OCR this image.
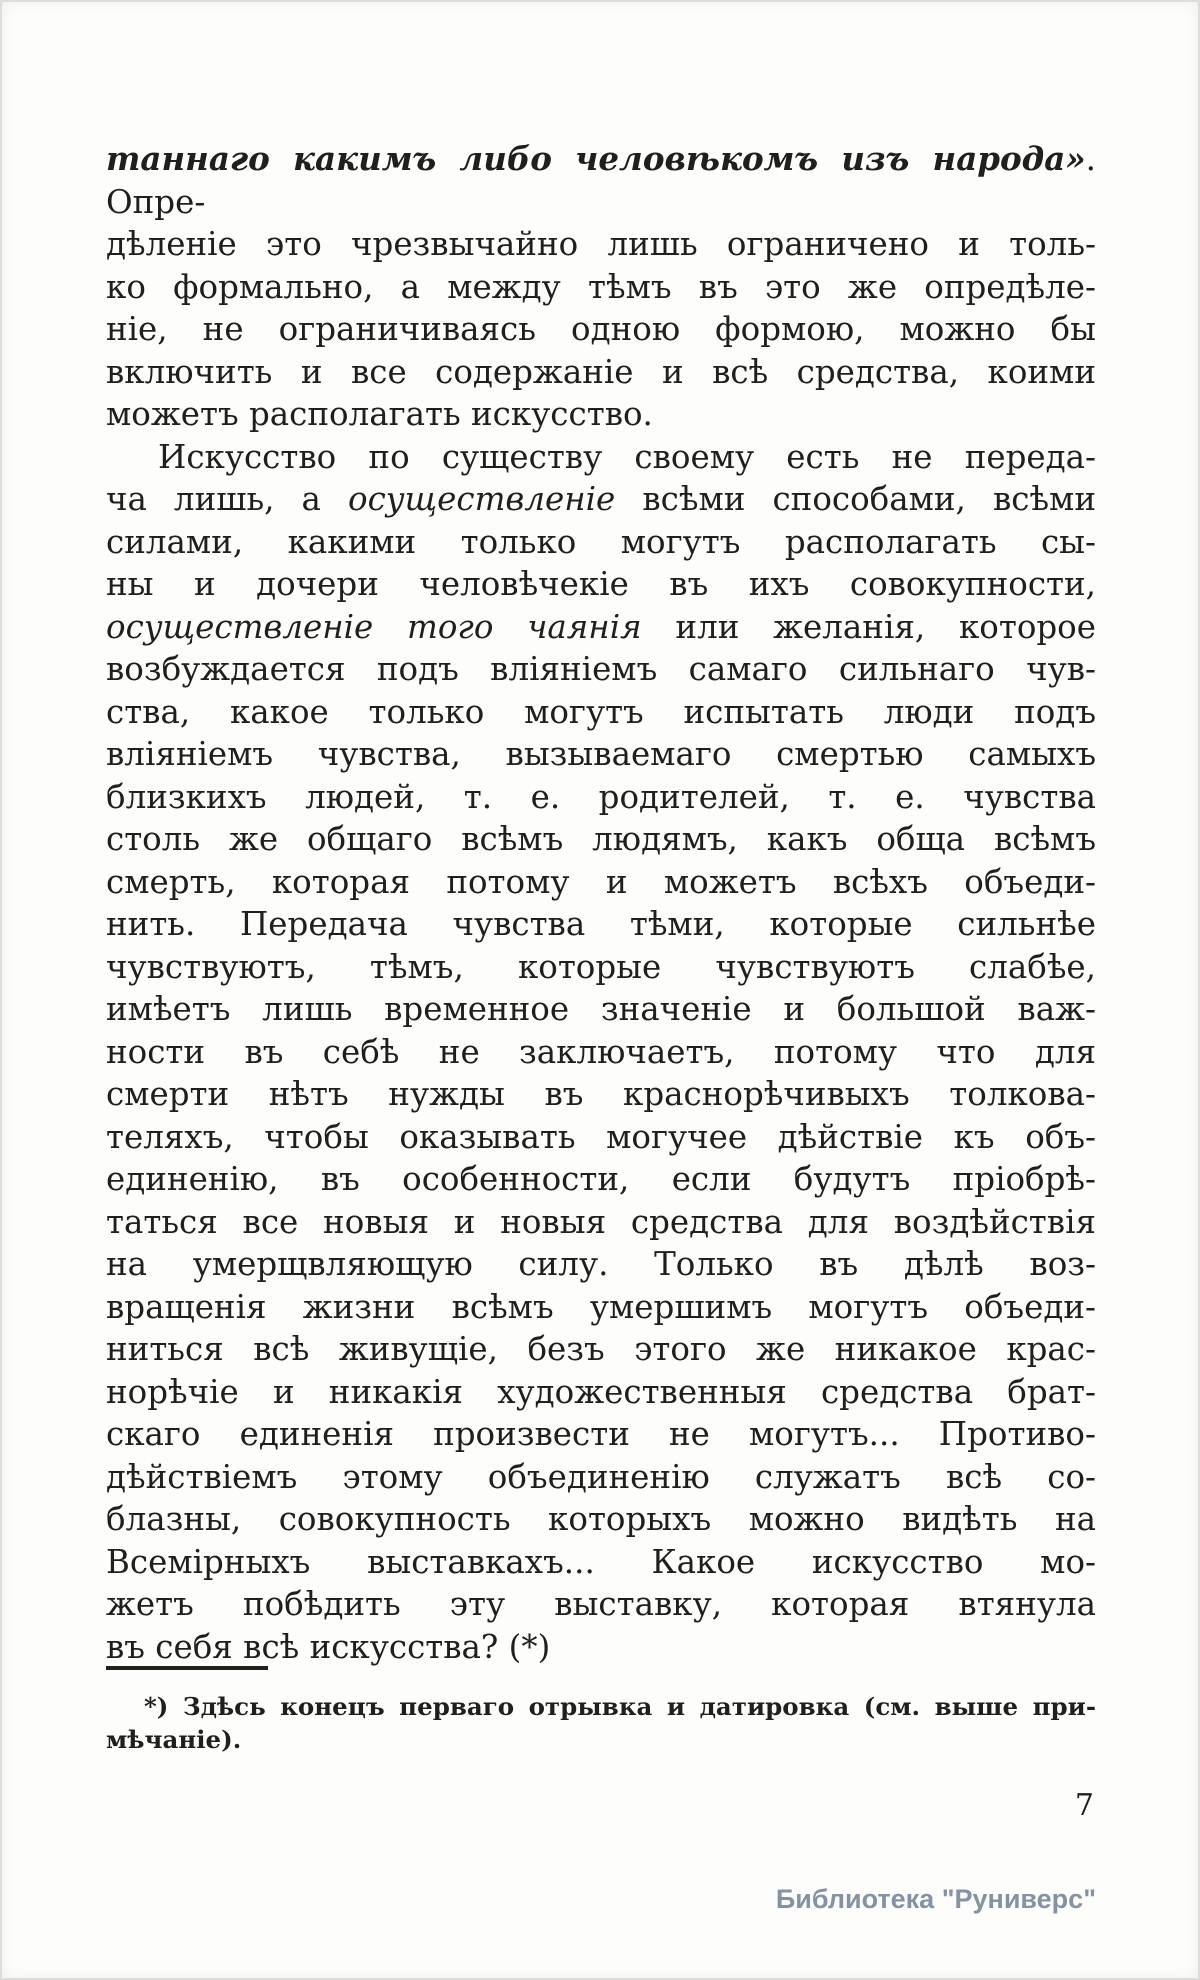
таннаго какимъ либо человѣкомъ изъ народа». Опре-
дѣленіе это чрезвычайно лишь ограничено и толь-
ко формально, а между тѣмъ въ это же опредѣле-
ніе, не ограничиваясь одною формою, можно бы
включить и все содержаніе и всѣ средства, коими
можетъ располагать искусство.
Искусство по существу своему есть не переда-
ча лишь, а осуществленіе всѣми способами, всѣми
силами, какими только могутъ располагать сы-
ны и дочери человѣчекіе въ ихъ совокупности,
осуществленіе того чаянія или желанія, которое
возбуждается подъ вліяніемъ самаго сильнаго чув-
ства, какое только могутъ испытать люди подъ
вліяніемъ чувства, вызываемаго смертью самыхъ
близкихъ людей, т. е. родителей, т. е. чувства
столь же общаго всѣмъ людямъ, какъ обща всѣмъ
смерть, которая потому и можетъ всѣхъ объеди-
нить. Передача чувства тѣми, которые сильнѣе
чувствуютъ, тѣмъ, которые чувствуютъ слабѣе,
имѣетъ лишь временное значеніе и большой важ-
ности въ себѣ не заключаетъ, потому что для
смерти нѣтъ нужды въ краснорѣчивыхъ толкова-
теляхъ, чтобы оказывать могучее дѣйствіе къ объ-
единенію, въ особенности, если будутъ пріобрѣ-
таться все новыя и новыя средства для воздѣйствія
на умерщвляющую силу. Только въ дѣлѣ воз-
вращенія жизни всѣмъ умершимъ могутъ объеди-
ниться всѣ живущіе, безъ этого же никакое крас-
норѣчіе и никакія художественныя средства брат-
скаго единенія произвести не могутъ... Противо-
дѣйствіемъ этому объединенію служатъ всѣ со-
блазны, совокупность которыхъ можно видѣть на
Всемірныхъ выставкахъ... Какое искусство мо-
жетъ побѣдить эту выставку, которая втянула
въ себя всѣ искусства? (*)
*) Здѣсь конецъ перваго отрывка и датировка (см. выше при-
мѣчаніе).
7
Библиотека "Руниверс"
